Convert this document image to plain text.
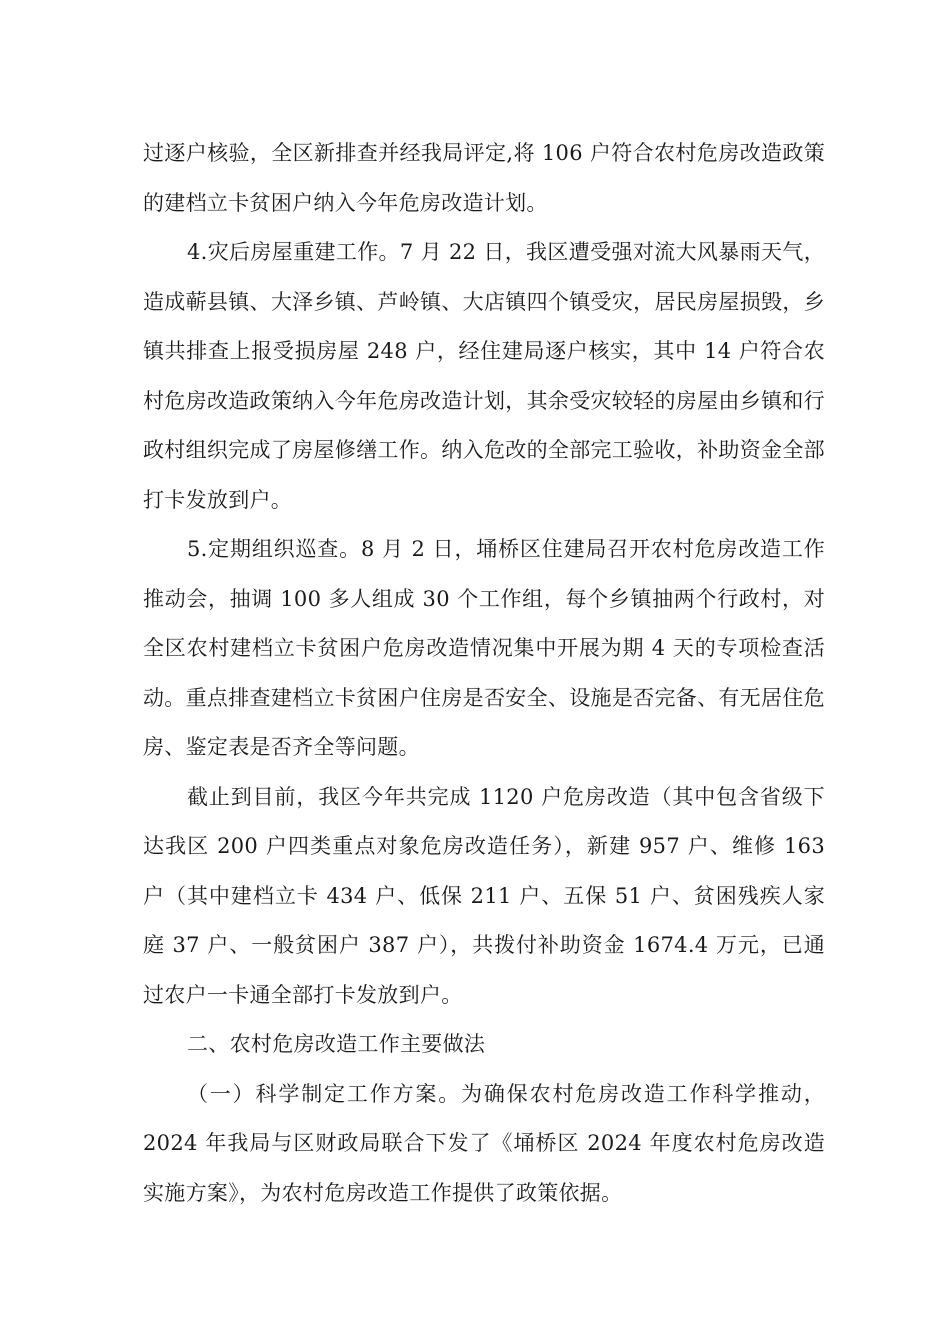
过逐户核验，全区新排查并经我局评定,将 106 户符合农村危房改造政策的建档立卡贫困户纳入今年危房改造计划。

4.灾后房屋重建工作。7 月 22 日，我区遭受强对流大风暴雨天气，造成蕲县镇、大泽乡镇、芦岭镇、大店镇四个镇受灾，居民房屋损毁，乡镇共排查上报受损房屋 248 户，经住建局逐户核实，其中 14 户符合农村危房改造政策纳入今年危房改造计划，其余受灾较轻的房屋由乡镇和行政村组织完成了房屋修缮工作。纳入危改的全部完工验收，补助资金全部打卡发放到户。

5.定期组织巡查。8 月 2 日，埇桥区住建局召开农村危房改造工作推动会，抽调 100 多人组成 30 个工作组，每个乡镇抽两个行政村，对全区农村建档立卡贫困户危房改造情况集中开展为期 4 天的专项检查活动。重点排查建档立卡贫困户住房是否安全、设施是否完备、有无居住危房、鉴定表是否齐全等问题。

截止到目前，我区今年共完成 1120 户危房改造（其中包含省级下达我区 200 户四类重点对象危房改造任务），新建 957 户、维修 163 户（其中建档立卡 434 户、低保 211 户、五保 51 户、贫困残疾人家庭 37 户、一般贫困户 387 户），共拨付补助资金 1674.4 万元，已通过农户一卡通全部打卡发放到户。

二、农村危房改造工作主要做法

（一）科学制定工作方案。为确保农村危房改造工作科学推动，2024 年我局与区财政局联合下发了《埇桥区 2024 年度农村危房改造实施方案》，为农村危房改造工作提供了政策依据。
